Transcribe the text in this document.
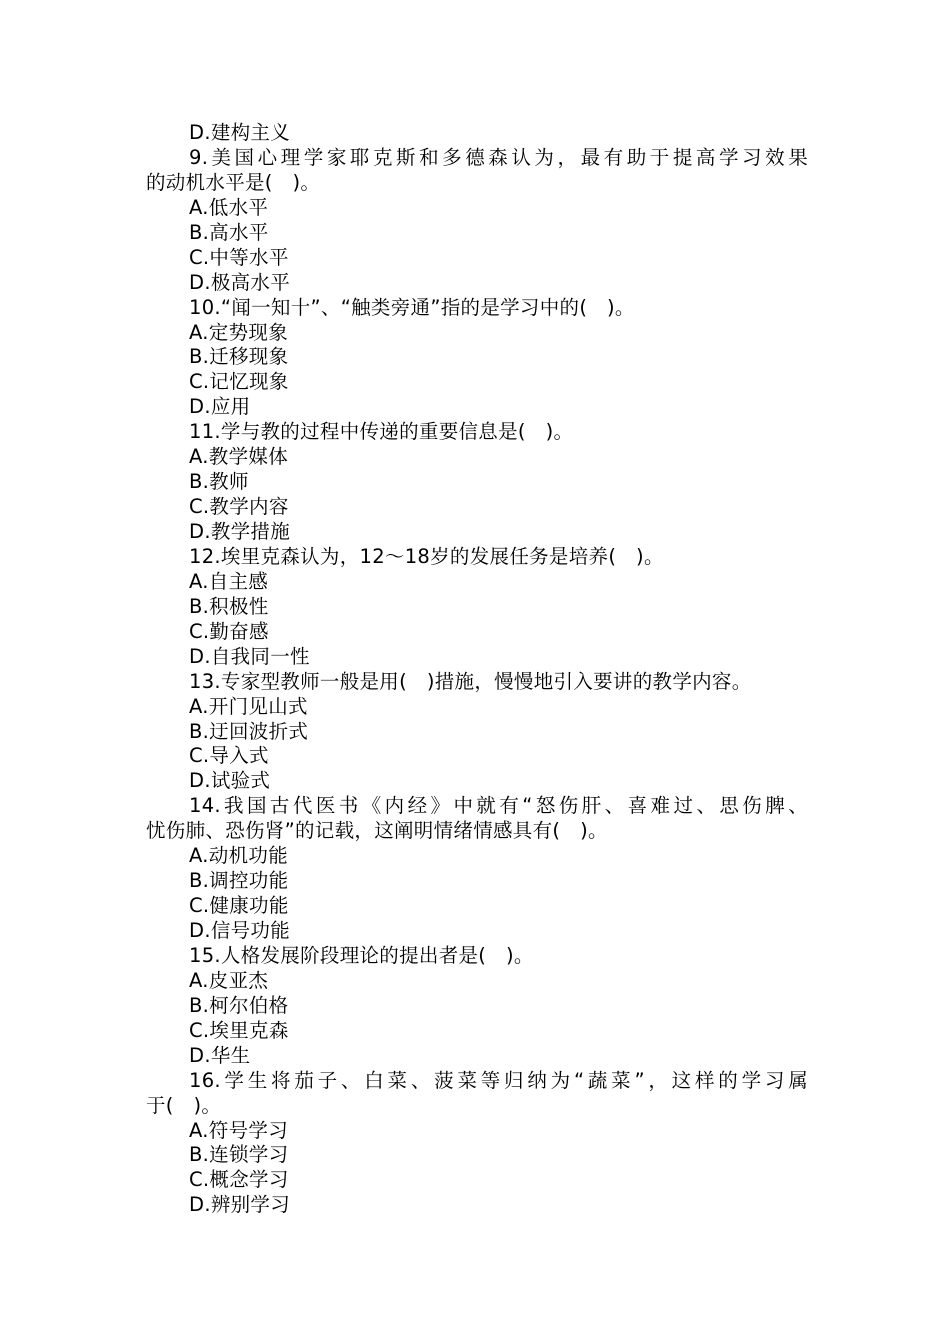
D.建构主义
9.美国心理学家耶克斯和多德森认为，最有助于提高学习效果
的动机水平是(　)。
A.低水平
B.高水平
C.中等水平
D.极高水平
10.“闻一知十”、“触类旁通”指的是学习中的(　)。
A.定势现象
B.迁移现象
C.记忆现象
D.应用
11.学与教的过程中传递的重要信息是(　)。
A.教学媒体
B.教师
C.教学内容
D.教学措施
12.埃里克森认为，12～18岁的发展任务是培养(　)。
A.自主感
B.积极性
C.勤奋感
D.自我同一性
13.专家型教师一般是用(　)措施，慢慢地引入要讲的教学内容。
A.开门见山式
B.迂回波折式
C.导入式
D.试验式
14.我国古代医书《内经》中就有“怒伤肝、喜难过、思伤脾、
忧伤肺、恐伤肾”的记载，这阐明情绪情感具有(　)。
A.动机功能
B.调控功能
C.健康功能
D.信号功能
15.人格发展阶段理论的提出者是(　)。
A.皮亚杰
B.柯尔伯格
C.埃里克森
D.华生
16.学生将茄子、白菜、菠菜等归纳为“蔬菜”，这样的学习属
于(　)。
A.符号学习
B.连锁学习
C.概念学习
D.辨别学习
